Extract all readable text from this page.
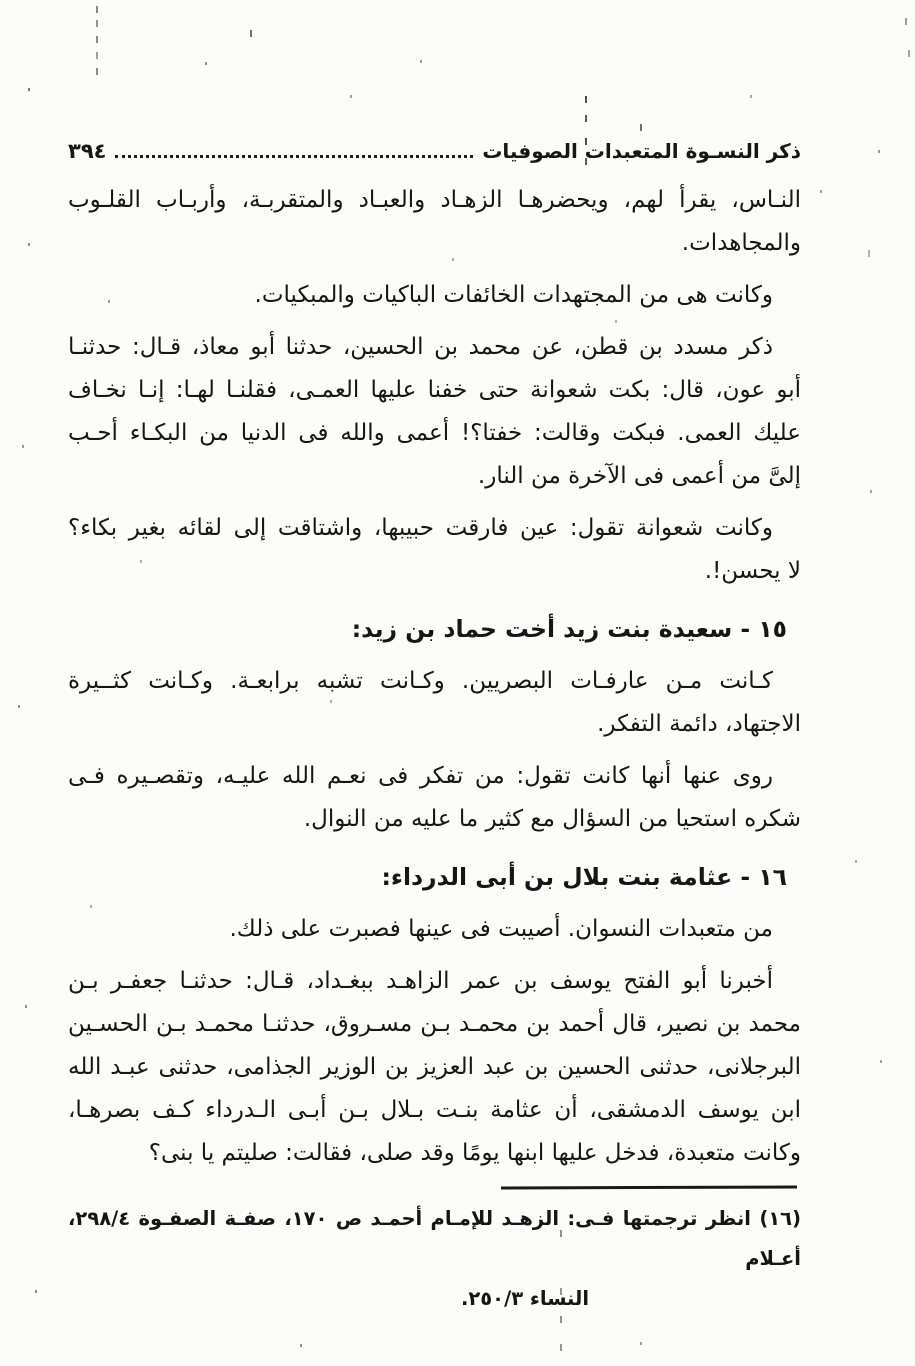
ذكر النسـوة المتعبدات الصوفيات
٣٩٤
النـاس، يقرأ لهم، ويحضرهـا الزهـاد والعبـاد والمتقربـة، وأربـاب القلـوب
والمجاهدات.
وكانت هى من المجتهدات الخائفات الباكيات والمبكيات.
ذكر مسدد بن قطن، عن محمد بن الحسين، حدثنا أبو معاذ، قـال: حدثنـا
أبو عون، قال: بكت شعوانة حتى خفنا عليها العمـى، فقلنـا لهـا: إنـا نخـاف
عليك العمى. فبكت وقالت: خفتا؟! أعمى والله فى الدنيا من البكـاء أحـب
إلىَّ من أعمى فى الآخرة من النار.
وكانت شعوانة تقول: عين فارقت حبيبها، واشتاقت إلى لقائه بغير بكاء؟
لا يحسن!.
١٥ - سعيدة بنت زيد أخت حماد بن زيد:
كـانت مـن عارفـات البصريين. وكـانت تشبه برابعـة. وكـانت كثــيرة
الاجتهاد، دائمة التفكر.
روى عنها أنها كانت تقول: من تفكر فى نعـم الله عليـه، وتقصـيره فـى
شكره استحيا من السؤال مع كثير ما عليه من النوال.
١٦ - عثامة بنت بلال بن أبى الدرداء:
من متعبدات النسوان. أصيبت فى عينها فصبرت على ذلك.
أخبرنا أبو الفتح يوسف بن عمر الزاهـد ببغـداد، قـال: حدثنـا جعفـر بـن
محمد بن نصير، قال أحمد بن محمـد بـن مسـروق، حدثنـا محمـد بـن الحسـين
البرجلانى، حدثنى الحسين بن عبد العزيز بن الوزير الجذامى، حدثنى عبـد الله
ابن يوسف الدمشقى، أن عثامة بنـت بـلال بـن أبـى الـدرداء كـف بصرهـا،
وكانت متعبدة، فدخل عليها ابنها يومًا وقد صلى، فقالت: صليتم يا بنى؟
(١٦) انظر ترجمتها فـى: الزهـد للإمـام أحمـد ص ١٧٠، صفـة الصفـوة ٢٩٨/٤، أعـلام
النساء ٢٥٠/٣.
